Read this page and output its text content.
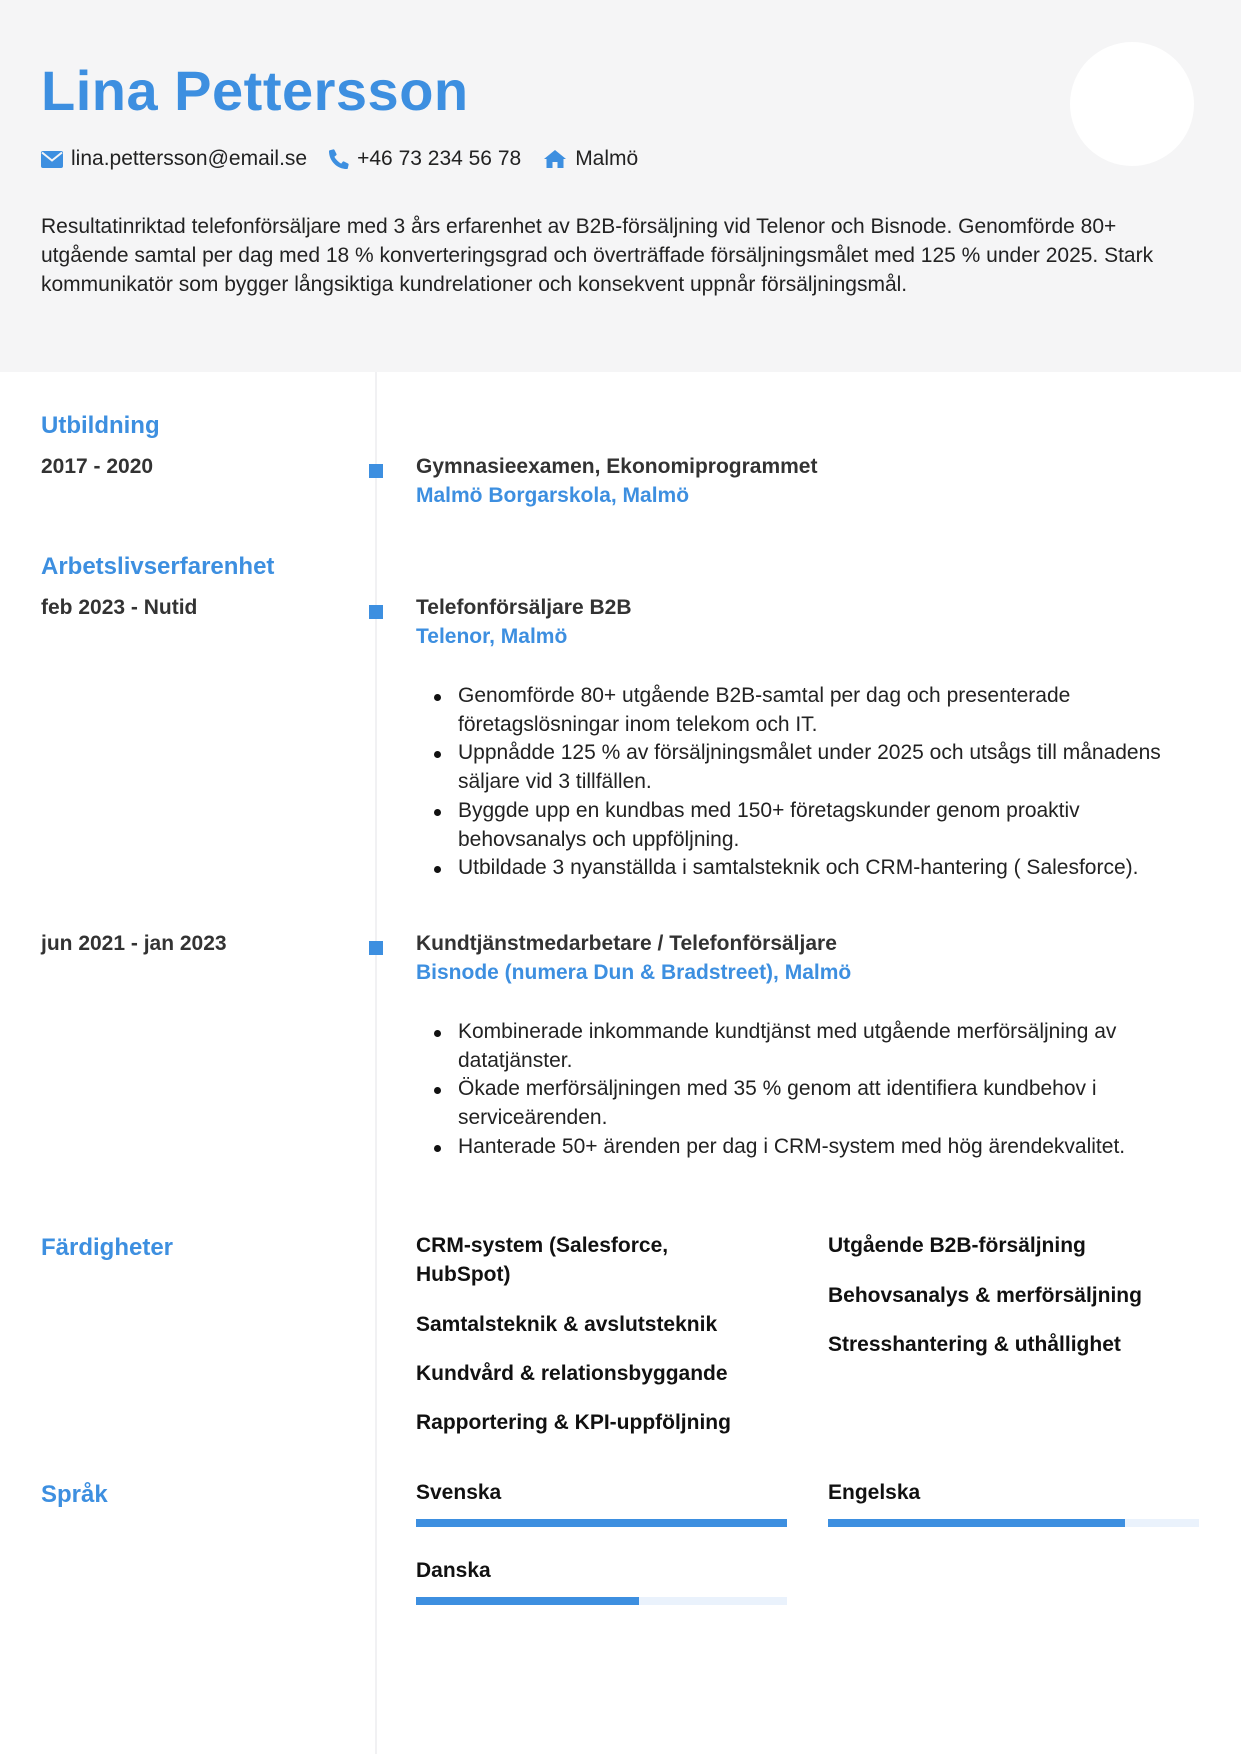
Lina Pettersson
lina.pettersson@email.se +46 73 234 56 78	Malmö
Resultatinriktad telefonförsäljare med 3 års erfarenhet av B2B-försäljning vid Telenor och Bisnode. Genomförde 80+ utgående samtal per dag med 18 % konverteringsgrad och överträffade försäljningsmålet med 125 % under 2025. Stark kommunikatör som bygger långsiktiga kundrelationer och konsekvent uppnår försäljningsmål.
Utbildning
2017 - 2020	Gymnasieexamen, Ekonomiprogrammet
Malmö Borgarskola, Malmö
Arbetslivserfarenhet
feb 2023 - Nutid	Telefonförsäljare B2B
Telenor, Malmö
Genomförde 80+ utgående B2B-samtal per dag och presenterade företagslösningar inom telekom och IT.
Uppnådde 125 % av försäljningsmålet under 2025 och utsågs till månadens säljare vid 3 tillfällen.
Byggde upp en kundbas med 150+ företagskunder genom proaktiv behovsanalys och uppföljning.
Utbildade 3 nyanställda i samtalsteknik och CRM-hantering ( Salesforce).
jun 2021 - jan 2023	Kundtjänstmedarbetare / Telefonförsäljare
Bisnode (numera Dun & Bradstreet), Malmö
Kombinerade inkommande kundtjänst med utgående merförsäljning av datatjänster.
Ökade merförsäljningen med 35 % genom att identifiera kundbehov i serviceärenden.
Hanterade 50+ ärenden per dag i CRM-system med hög ärendekvalitet.
Färdigheter	CRM-system (Salesforce, HubSpot)
Samtalsteknik & avslutsteknik
Kundvård & relationsbyggande
Rapportering & KPI-uppföljning
Utgående B2B-försäljning
Behovsanalys & merförsäljning
Stresshantering & uthållighet
Språk	Svenska	Engelska
Danska
